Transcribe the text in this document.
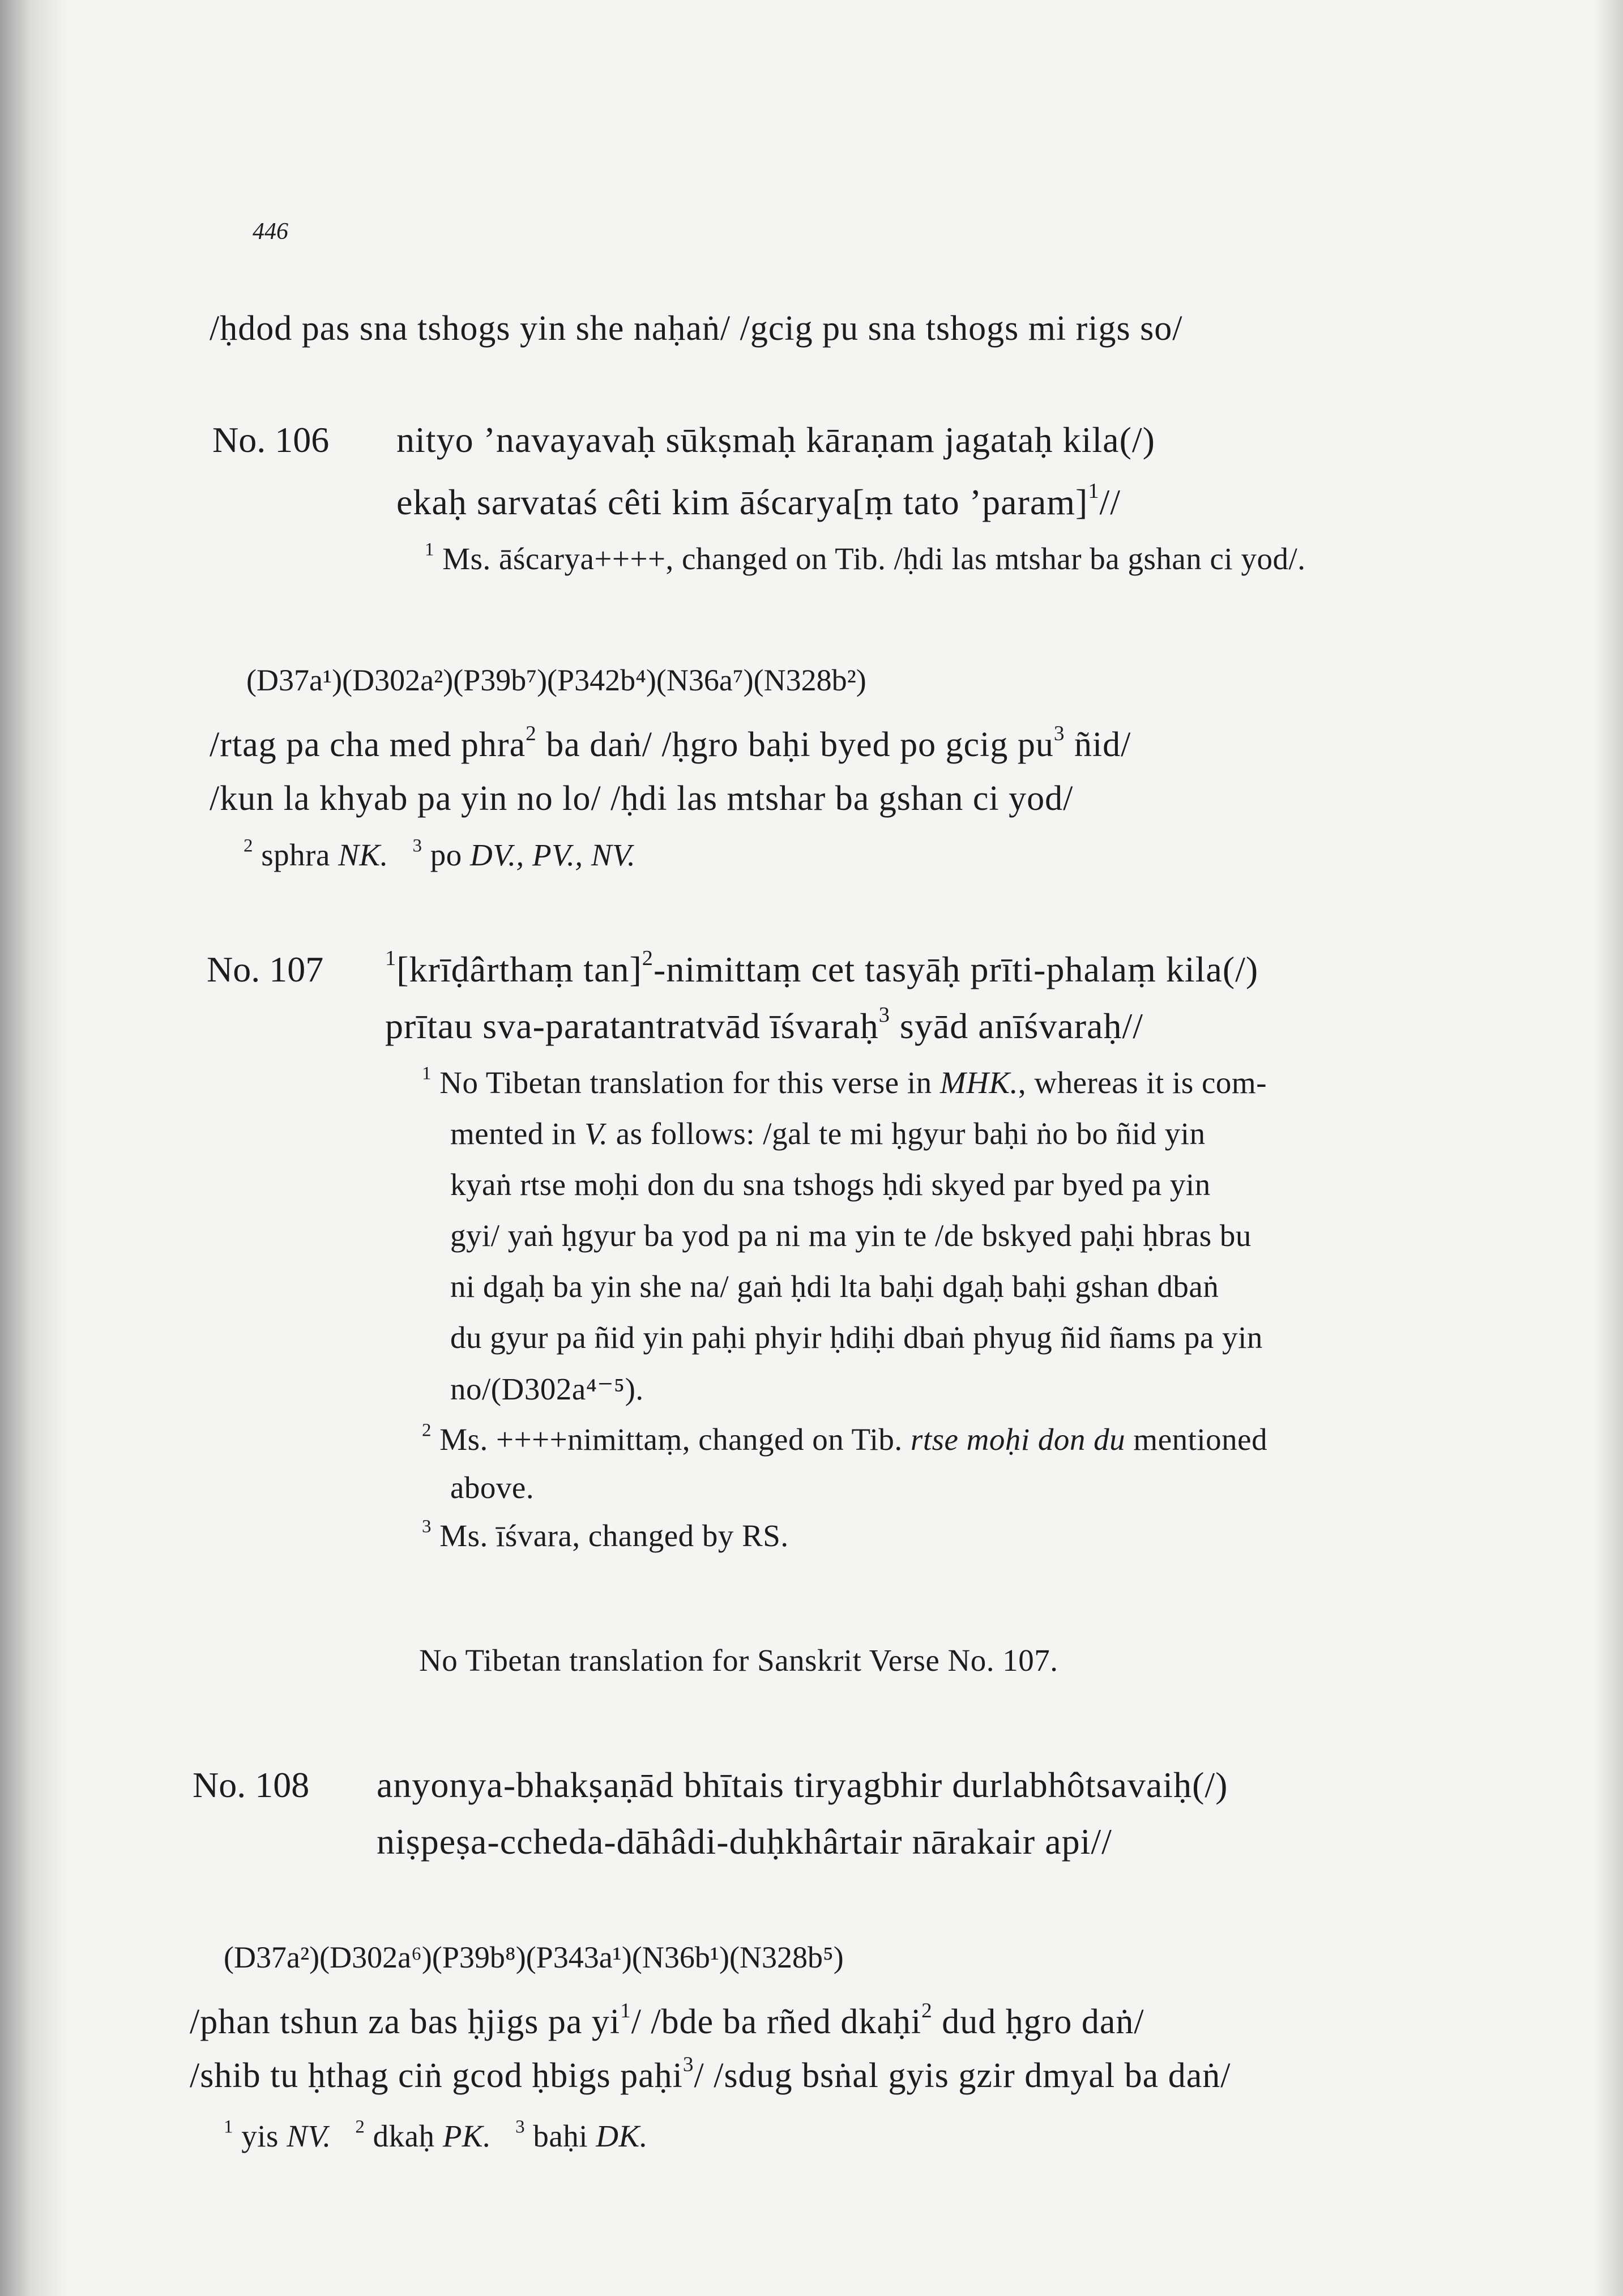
446
/ḥdod pas sna tshogs yin she naḥaṅ/ /gcig pu sna tshogs mi rigs so/
No. 106 nityo ’navayavaḥ sūkṣmaḥ kāraṇam jagataḥ kila(/)
ekaḥ sarvataś cêti kim āścarya[ṃ tato ’param]$^1$//
$^1$ Ms. āścarya++++, changed on Tib. /ḥdi las mtshar ba gshan ci yod/.
(D37a¹)(D302a²)(P39b⁷)(P342b⁴)(N36a⁷)(N328b²)
/rtag pa cha med phra$^2$ ba daṅ/ /ḥgro baḥi byed po gcig $pu^3$ ñid/
/kun la khyab pa yin no lo/ /ḥdi las mtshar ba gshan ci yod/
$^2$ sphra NK. $^3$ po DV., PV., NV.
No. 107	$^1$[krīḍârthaṃ tan]$^2$-nimittaṃ cet tasyāḥ prīti-phalaṃ kila(/)
prītau sva-paratantratvād īśvaraḥ$^3$ syād anīśvaraḥ//
$^1$ No Tibetan translation for this verse in MHK., whereas it is com-
mented in V. as follows: /gal te mi ḥgyur baḥi ṅo bo ñid yin
kyaṅ rtse moḥi don du sna tshogs ḥdi skyed par byed pa yin
gyi/ yaṅ ḥgyur ba yod pa ni ma yin te /de bskyed paḥi ḥbras bu
ni dgaḥ ba yin she na/ gaṅ ḥdi lta baḥi dgaḥ baḥi gshan dbaṅ
du gyur pa ñid yin paḥi phyir ḥdiḥi dbaṅ phyug ñid ñams pa yin
no/(D302a⁴⁻⁵).
$^2$ Ms. ++++nimittaṃ, changed on Tib. rtse moḥi don du mentioned
above.
$^3$ Ms. īśvara, changed by RS.
No Tibetan translation for Sanskrit Verse No. 107.
No. 108 anyonya-bhakṣaṇād bhītais tiryagbhir durlabhôtsavaiḥ(/)
niṣpeṣa-ccheda-dāhâdi-duḥkhârtair nārakair api//
(D37a²)(D302a⁶)(P39b⁸)(P343a¹)(N36b¹)(N328b⁵)
/phan tshun za bas ḥjigs pa $yi^1/$ /bde ba rñed dkaḥi$^2$ dud ḥgro daṅ/
/shib tu ḥthag ciṅ gcod ḥbigs paḥi$^3$/ /sdug bsṅal gyis gzir dmyal ba daṅ/
$^1$ yis NV. $^2$ dkaḥ PK. $^3$ baḥi DK.
